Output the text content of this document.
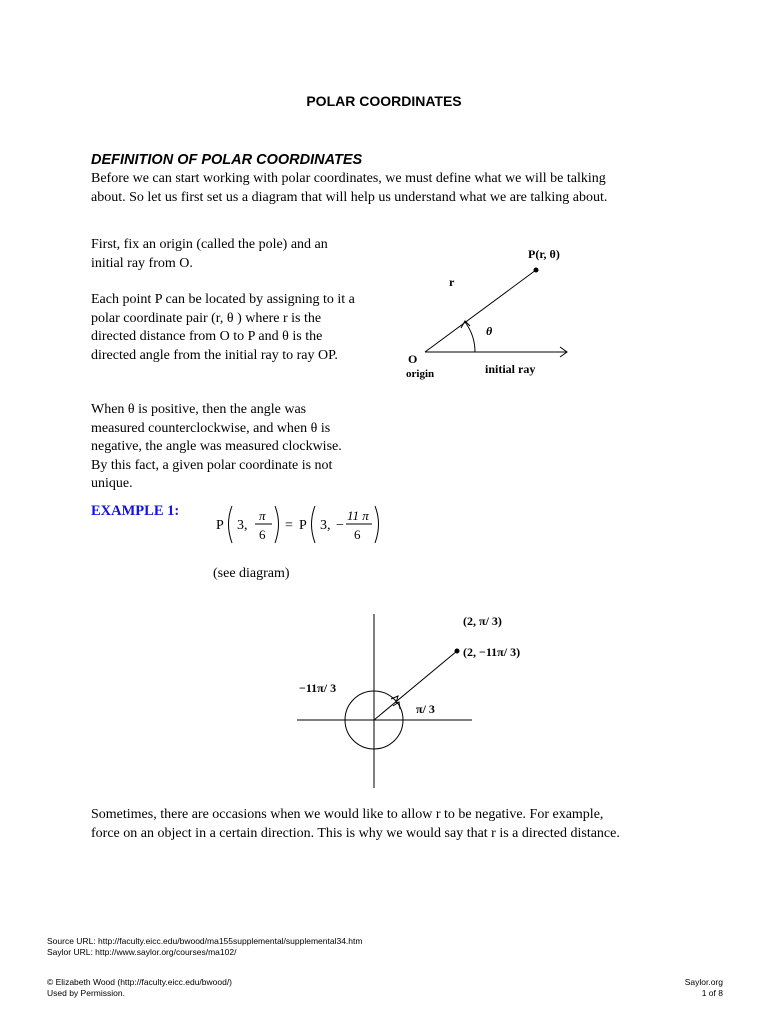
POLAR COORDINATES
DEFINITION OF POLAR COORDINATES
Before we can start working with polar coordinates, we must define what we will be talking about. So let us first set us a diagram that will help us understand what we are talking about.
First, fix an origin (called the pole) and an initial ray from O.
Each point P can be located by assigning to it a polar coordinate pair (r, θ ) where r is the directed distance from O to P and θ is the directed angle from the initial ray to ray OP.
When θ is positive, then the angle was measured counterclockwise, and when θ is negative, the angle was measured clockwise. By this fact, a given polar coordinate is not unique.
P(r, θ)
r
θ
O
origin	initial ray
EXAMPLE 1:
P 3,
π
6
= P 3, −
11 π
6
(see diagram)
(2, π/ 3)
(2, −11π/ 3)
−11π/ 3
π/ 3
Sometimes, there are occasions when we would like to allow r to be negative. For example, force on an object in a certain direction. This is why we would say that r is a directed distance.
Source URL: http://faculty.eicc.edu/bwood/ma155supplemental/supplemental34.htm
Saylor URL: http://www.saylor.org/courses/ma102/
© Elizabeth Wood (http://faculty.eicc.edu/bwood/)
Used by Permission.
Saylor.org
1 of 8
